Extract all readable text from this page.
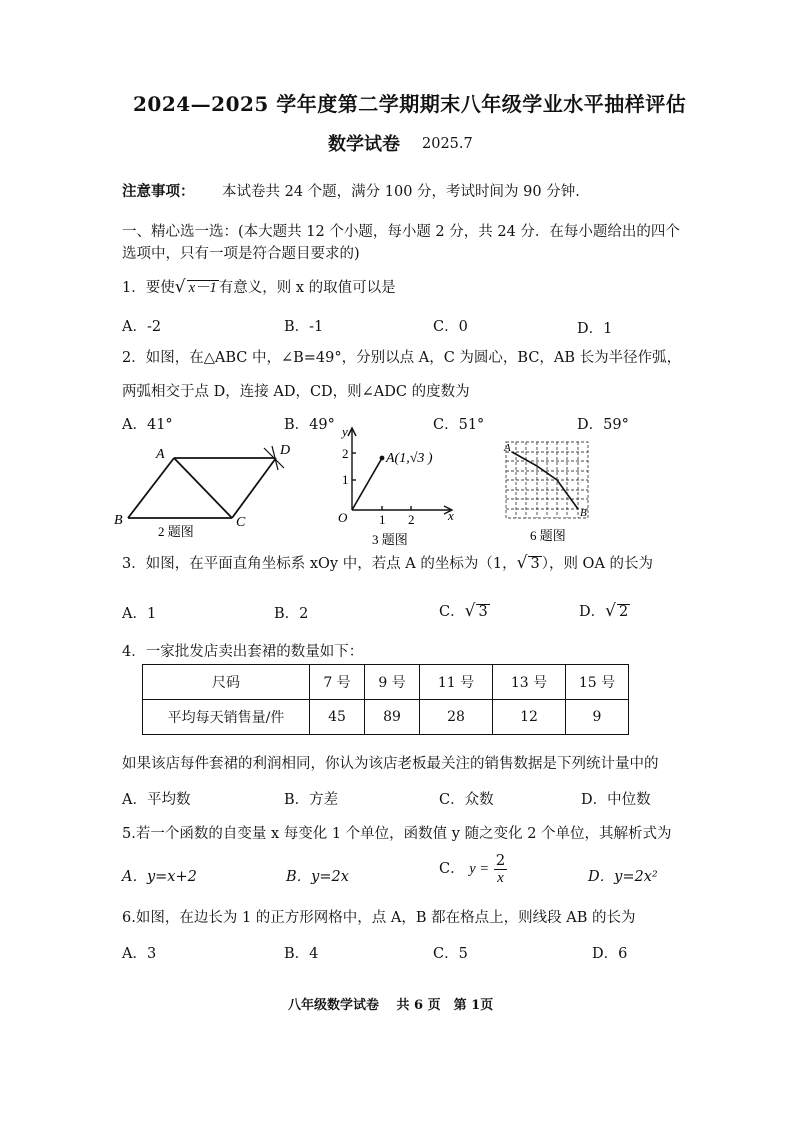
2024—2025 学年度第二学期期末八年级学业水平抽样评估
数学试卷 2025.7
注意事项： 本试卷共 24 个题，满分 100 分，考试时间为 90 分钟.
一、精心选一选：(本大题共 12 个小题，每小题 2 分，共 24 分．在每小题给出的四个
选项中，只有一项是符合题目要求的)
1．要使√ x－1 有意义，则 x 的取值可以是
A．-2	B．-1	C．0	D．1
2．如图，在△ABC 中，∠B=49°，分别以点 A，C 为圆心，BC，AB 长为半径作弧，
两弧相交于点 D，连接 AD，CD，则∠ADC 的度数为
A．41°	B．49°	C．51°	D．59°
A	D
B	C
2 题图
y
x
O
2
1
1 2
A(1,√3 )
3 题图
A
B
6 题图
3．如图，在平面直角坐标系 xOy 中，若点 A 的坐标为（1，√ 3 ），则 OA 的长为
A．1	B．2	C．√ 3	D．√ 2
4．一家批发店卖出套裙的数量如下：
尺码	7 号	9 号	11 号	13 号	15 号
平均每天销售量/件	45	89	28	12	9
如果该店每件套裙的利润相同，你认为该店老板最关注的销售数据是下列统计量中的
A．平均数	B．方差	C．众数	D．中位数
5.若一个函数的自变量 x 每变化 1 个单位，函数值 y 随之变化 2 个单位，其解析式为
A．y=x+2	B．y=2x	C． $y = \frac{2}{x}$	D．y=2x²
6.如图，在边长为 1 的正方形网格中，点 A，B 都在格点上，则线段 AB 的长为
A．3	B．4	C．5	D．6
八年级数学试卷　 共 6 页　第 1页
